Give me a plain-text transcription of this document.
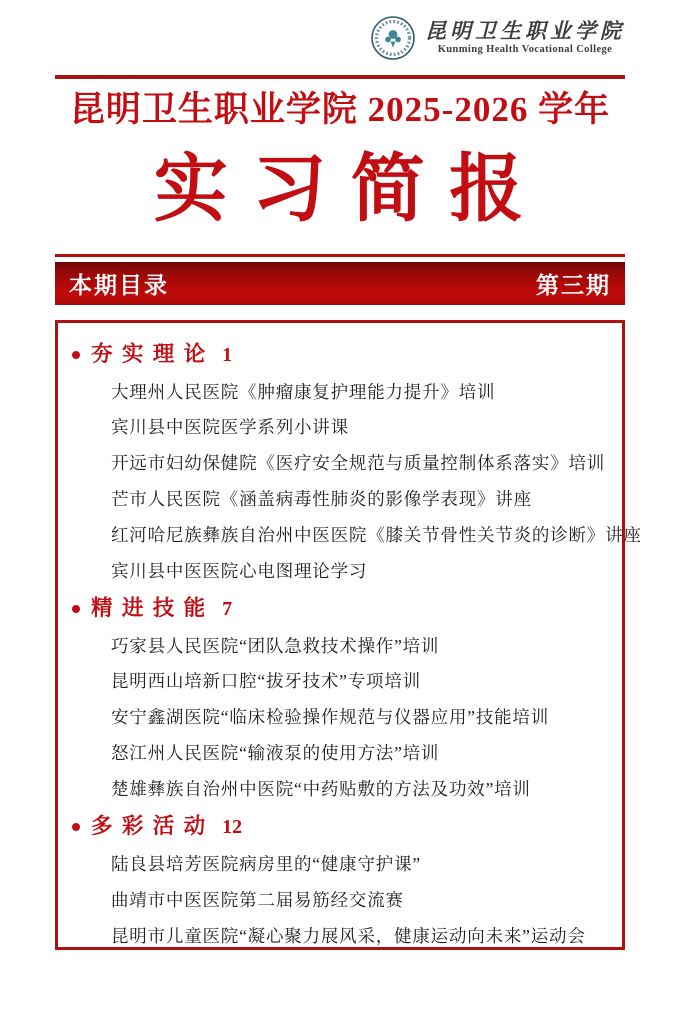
昆明卫生职业学院
Kunming Health Vocational College
昆明卫生职业学院 2025-2026 学年
实 习 简 报
本期目录	第三期
夯 实 理 论 1
大理州人民医院《肿瘤康复护理能力提升》培训
宾川县中医院医学系列小讲课
开远市妇幼保健院《医疗安全规范与质量控制体系落实》培训
芒市人民医院《涵盖病毒性肺炎的影像学表现》讲座
红河哈尼族彝族自治州中医医院《膝关节骨性关节炎的诊断》讲座
宾川县中医医院心电图理论学习
精 进 技 能 7
巧家县人民医院“团队急救技术操作”培训
昆明西山培新口腔“拔牙技术”专项培训
安宁鑫湖医院“临床检验操作规范与仪器应用”技能培训
怒江州人民医院“输液泵的使用方法”培训
楚雄彝族自治州中医院“中药贴敷的方法及功效”培训
多 彩 活 动 12
陆良县培芳医院病房里的“健康守护课”
曲靖市中医医院第二届易筋经交流赛
昆明市儿童医院“凝心聚力展风采，健康运动向未来”运动会
